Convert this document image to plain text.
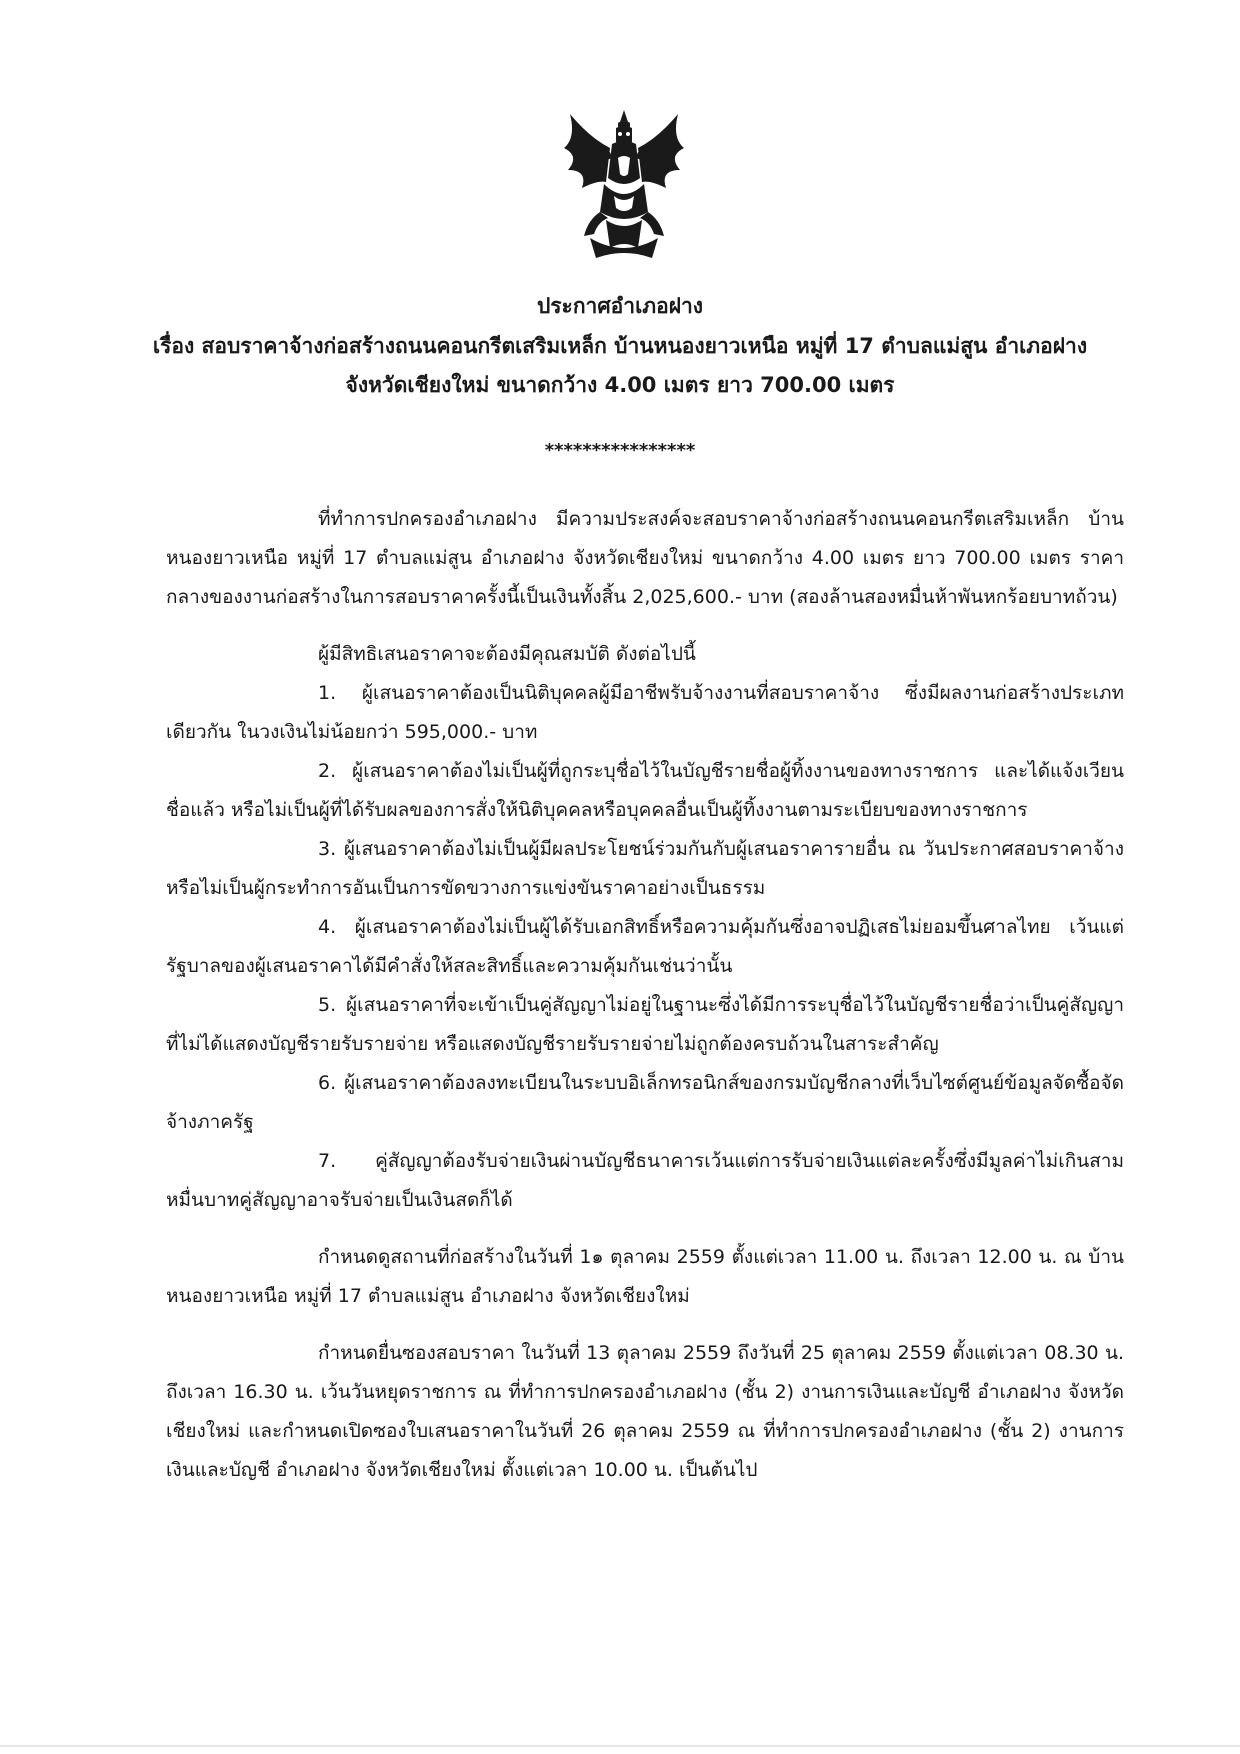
ประกาศอำเภอฝาง
เรื่อง สอบราคาจ้างก่อสร้างถนนคอนกรีตเสริมเหล็ก บ้านหนองยาวเหนือ หมู่ที่ 17 ตำบลแม่สูน อำเภอฝาง
จังหวัดเชียงใหม่ ขนาดกว้าง 4.00 เมตร ยาว 700.00 เมตร
****************

ที่ทำการปกครองอำเภอฝาง มีความประสงค์จะสอบราคาจ้างก่อสร้างถนนคอนกรีตเสริมเหล็ก บ้านหนองยาวเหนือ หมู่ที่ 17 ตำบลแม่สูน อำเภอฝาง จังหวัดเชียงใหม่ ขนาดกว้าง 4.00 เมตร ยาว 700.00 เมตร ราคากลางของงานก่อสร้างในการสอบราคาครั้งนี้เป็นเงินทั้งสิ้น 2,025,600.- บาท (สองล้านสองหมื่นห้าพันหกร้อยบาทถ้วน)

ผู้มีสิทธิเสนอราคาจะต้องมีคุณสมบัติ ดังต่อไปนี้

1. ผู้เสนอราคาต้องเป็นนิติบุคคลผู้มีอาชีพรับจ้างงานที่สอบราคาจ้าง ซึ่งมีผลงานก่อสร้างประเภทเดียวกัน ในวงเงินไม่น้อยกว่า 595,000.- บาท

2. ผู้เสนอราคาต้องไม่เป็นผู้ที่ถูกระบุชื่อไว้ในบัญชีรายชื่อผู้ทิ้งงานของทางราชการ และได้แจ้งเวียนชื่อแล้ว หรือไม่เป็นผู้ที่ได้รับผลของการสั่งให้นิติบุคคลหรือบุคคลอื่นเป็นผู้ทิ้งงานตามระเบียบของทางราชการ

3. ผู้เสนอราคาต้องไม่เป็นผู้มีผลประโยชน์ร่วมกันกับผู้เสนอราคารายอื่น ณ วันประกาศสอบราคาจ้าง หรือไม่เป็นผู้กระทำการอันเป็นการขัดขวางการแข่งขันราคาอย่างเป็นธรรม

4. ผู้เสนอราคาต้องไม่เป็นผู้ได้รับเอกสิทธิ์หรือความคุ้มกันซึ่งอาจปฏิเสธไม่ยอมขึ้นศาลไทย เว้นแต่รัฐบาลของผู้เสนอราคาได้มีคำสั่งให้สละสิทธิ์และความคุ้มกันเช่นว่านั้น

5. ผู้เสนอราคาที่จะเข้าเป็นคู่สัญญาไม่อยู่ในฐานะซึ่งได้มีการระบุชื่อไว้ในบัญชีรายชื่อว่าเป็นคู่สัญญาที่ไม่ได้แสดงบัญชีรายรับรายจ่าย หรือแสดงบัญชีรายรับรายจ่ายไม่ถูกต้องครบถ้วนในสาระสำคัญ

6. ผู้เสนอราคาต้องลงทะเบียนในระบบอิเล็กทรอนิกส์ของกรมบัญชีกลางที่เว็บไซต์ศูนย์ข้อมูลจัดซื้อจัดจ้างภาครัฐ

7. คู่สัญญาต้องรับจ่ายเงินผ่านบัญชีธนาคารเว้นแต่การรับจ่ายเงินแต่ละครั้งซึ่งมีมูลค่าไม่เกินสามหมื่นบาทคู่สัญญาอาจรับจ่ายเป็นเงินสดก็ได้

กำหนดดูสถานที่ก่อสร้างในวันที่ 1๑ ตุลาคม 2559 ตั้งแต่เวลา 11.00 น. ถึงเวลา 12.00 น. ณ บ้านหนองยาวเหนือ หมู่ที่ 17 ตำบลแม่สูน อำเภอฝาง จังหวัดเชียงใหม่

กำหนดยื่นซองสอบราคา ในวันที่ 13 ตุลาคม 2559 ถึงวันที่ 25 ตุลาคม 2559 ตั้งแต่เวลา 08.30 น. ถึงเวลา 16.30 น. เว้นวันหยุดราชการ ณ ที่ทำการปกครองอำเภอฝาง (ชั้น 2) งานการเงินและบัญชี อำเภอฝาง จังหวัดเชียงใหม่ และกำหนดเปิดซองใบเสนอราคาในวันที่ 26 ตุลาคม 2559 ณ ที่ทำการปกครองอำเภอฝาง (ชั้น 2) งานการเงินและบัญชี อำเภอฝาง จังหวัดเชียงใหม่ ตั้งแต่เวลา 10.00 น. เป็นต้นไป
